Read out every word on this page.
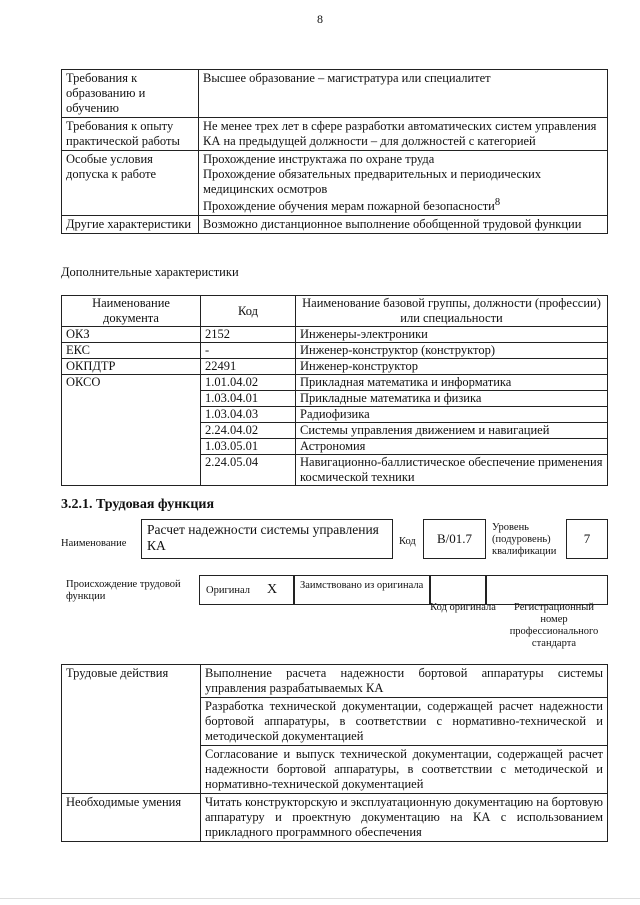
8
Требования к образованию и обучению	Высшее образование – магистратура или специалитет

Требования к опыту практической работы	Не менее трех лет в сфере разработки автоматических систем управления КА на предыдущей должности – для должностей с категорией

Особые условия допуска к работе	Прохождение инструктажа по охране труда
Прохождение обязательных предварительных и периодических медицинских осмотров
Прохождение обучения мерам пожарной безопасности$^8$

Другие характеристики	Возможно дистанционное выполнение обобщенной трудовой функции
Дополнительные характеристики
Наименование документа	Код	Наименование базовой группы, должности (профессии) или специальности
ОКЗ	2152	Инженеры-электроники
ЕКС	-	Инженер-конструктор (конструктор)
ОКПДТР	22491	Инженер-конструктор
ОКСО	1.01.04.02	Прикладная математика и информатика
	1.03.04.01	Прикладные математика и физика
	1.03.04.03	Радиофизика
	2.24.04.02	Системы управления движением и навигацией
	1.03.05.01	Астрономия
	2.24.05.04	Навигационно-баллистическое обеспечение применения космической техники
3.2.1. Трудовая функция
Наименование
Расчет надежности системы управления КА	Код	B/01.7
Уровень (подуровень) квалификации
7
Происхождение трудовой функции
Оригинал X	Заимствовано из оригинала
Код оригинала	Регистрационный номер профессионального стандарта
Трудовые действия	Выполнение расчета надежности бортовой аппаратуры системы управления разрабатываемых КА
	Разработка технической документации, содержащей расчет надежности бортовой аппаратуры, в соответствии с нормативно-технической и методической документацией
	Согласование и выпуск технической документации, содержащей расчет надежности бортовой аппаратуры, в соответствии с методической и нормативно-технической документацией
Необходимые умения	Читать конструкторскую и эксплуатационную документацию на бортовую аппаратуру и проектную документацию на КА с использованием прикладного программного обеспечения
